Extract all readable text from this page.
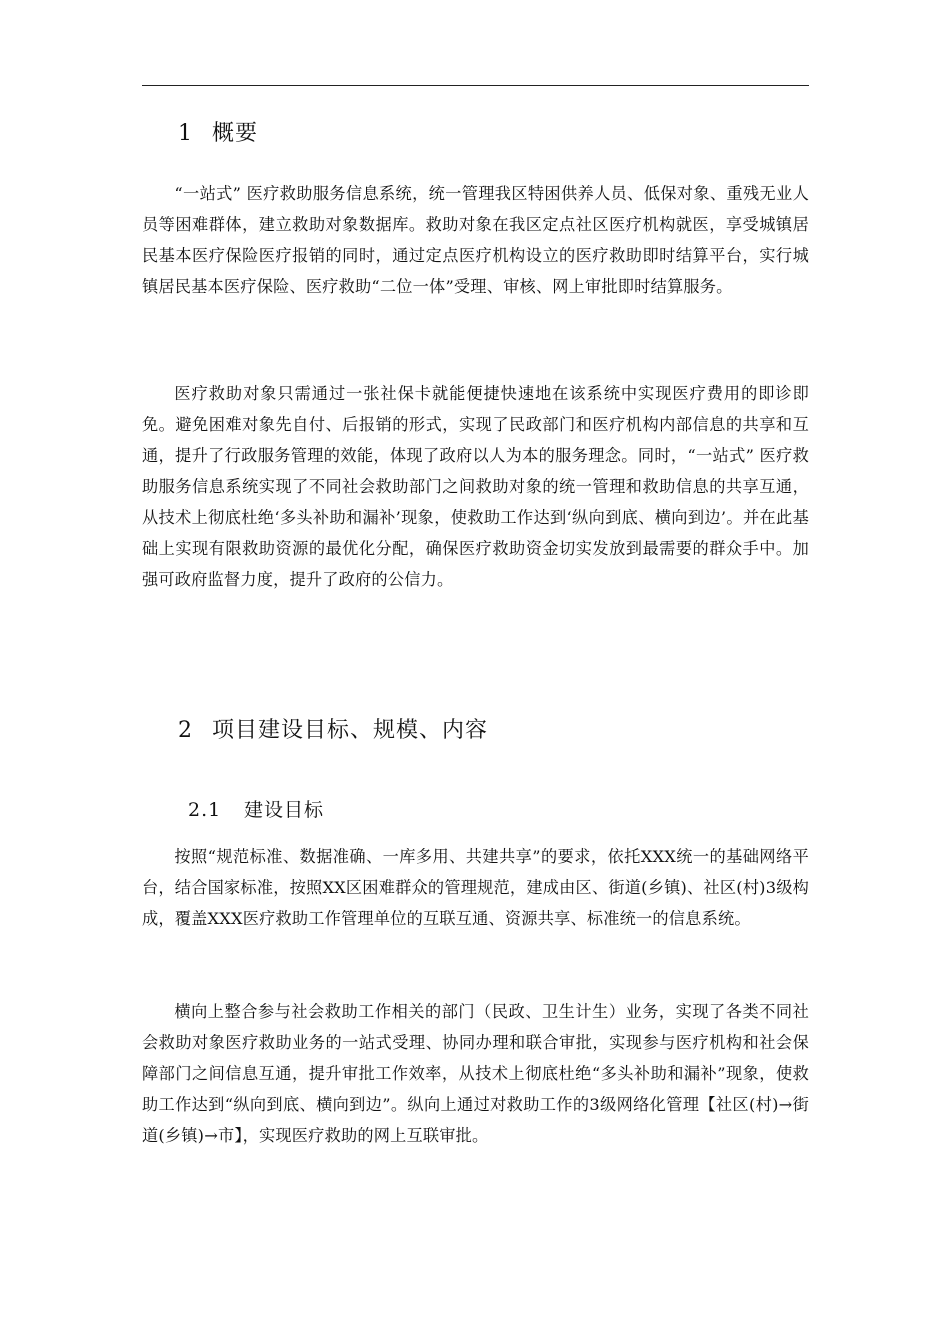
1 概要

“一站式” 医疗救助服务信息系统，统一管理我区特困供养人员、低保对象、重残无业人员等困难群体，建立救助对象数据库。救助对象在我区定点社区医疗机构就医，享受城镇居民基本医疗保险医疗报销的同时，通过定点医疗机构设立的医疗救助即时结算平台，实行城镇居民基本医疗保险、医疗救助“二位一体”受理、审核、网上审批即时结算服务。

医疗救助对象只需通过一张社保卡就能便捷快速地在该系统中实现医疗费用的即诊即免。避免困难对象先自付、后报销的形式，实现了民政部门和医疗机构内部信息的共享和互通，提升了行政服务管理的效能，体现了政府以人为本的服务理念。同时，“一站式” 医疗救助服务信息系统实现了不同社会救助部门之间救助对象的统一管理和救助信息的共享互通，从技术上彻底杜绝‘多头补助和漏补’现象，使救助工作达到‘纵向到底、横向到边’。并在此基础上实现有限救助资源的最优化分配，确保医疗救助资金切实发放到最需要的群众手中。加强可政府监督力度，提升了政府的公信力。

2 项目建设目标、规模、内容
2.1 建设目标

按照“规范标准、数据准确、一库多用、共建共享”的要求，依托XXX统一的基础网络平台，结合国家标准，按照XX区困难群众的管理规范，建成由区、街道(乡镇)、社区(村)3级构成，覆盖XXX医疗救助工作管理单位的互联互通、资源共享、标准统一的信息系统。

横向上整合参与社会救助工作相关的部门（民政、卫生计生）业务，实现了各类不同社会救助对象医疗救助业务的一站式受理、协同办理和联合审批，实现参与医疗机构和社会保障部门之间信息互通，提升审批工作效率，从技术上彻底杜绝“多头补助和漏补”现象，使救助工作达到“纵向到底、横向到边”。纵向上通过对救助工作的3级网络化管理【社区(村)→街道(乡镇)→市】，实现医疗救助的网上互联审批。
